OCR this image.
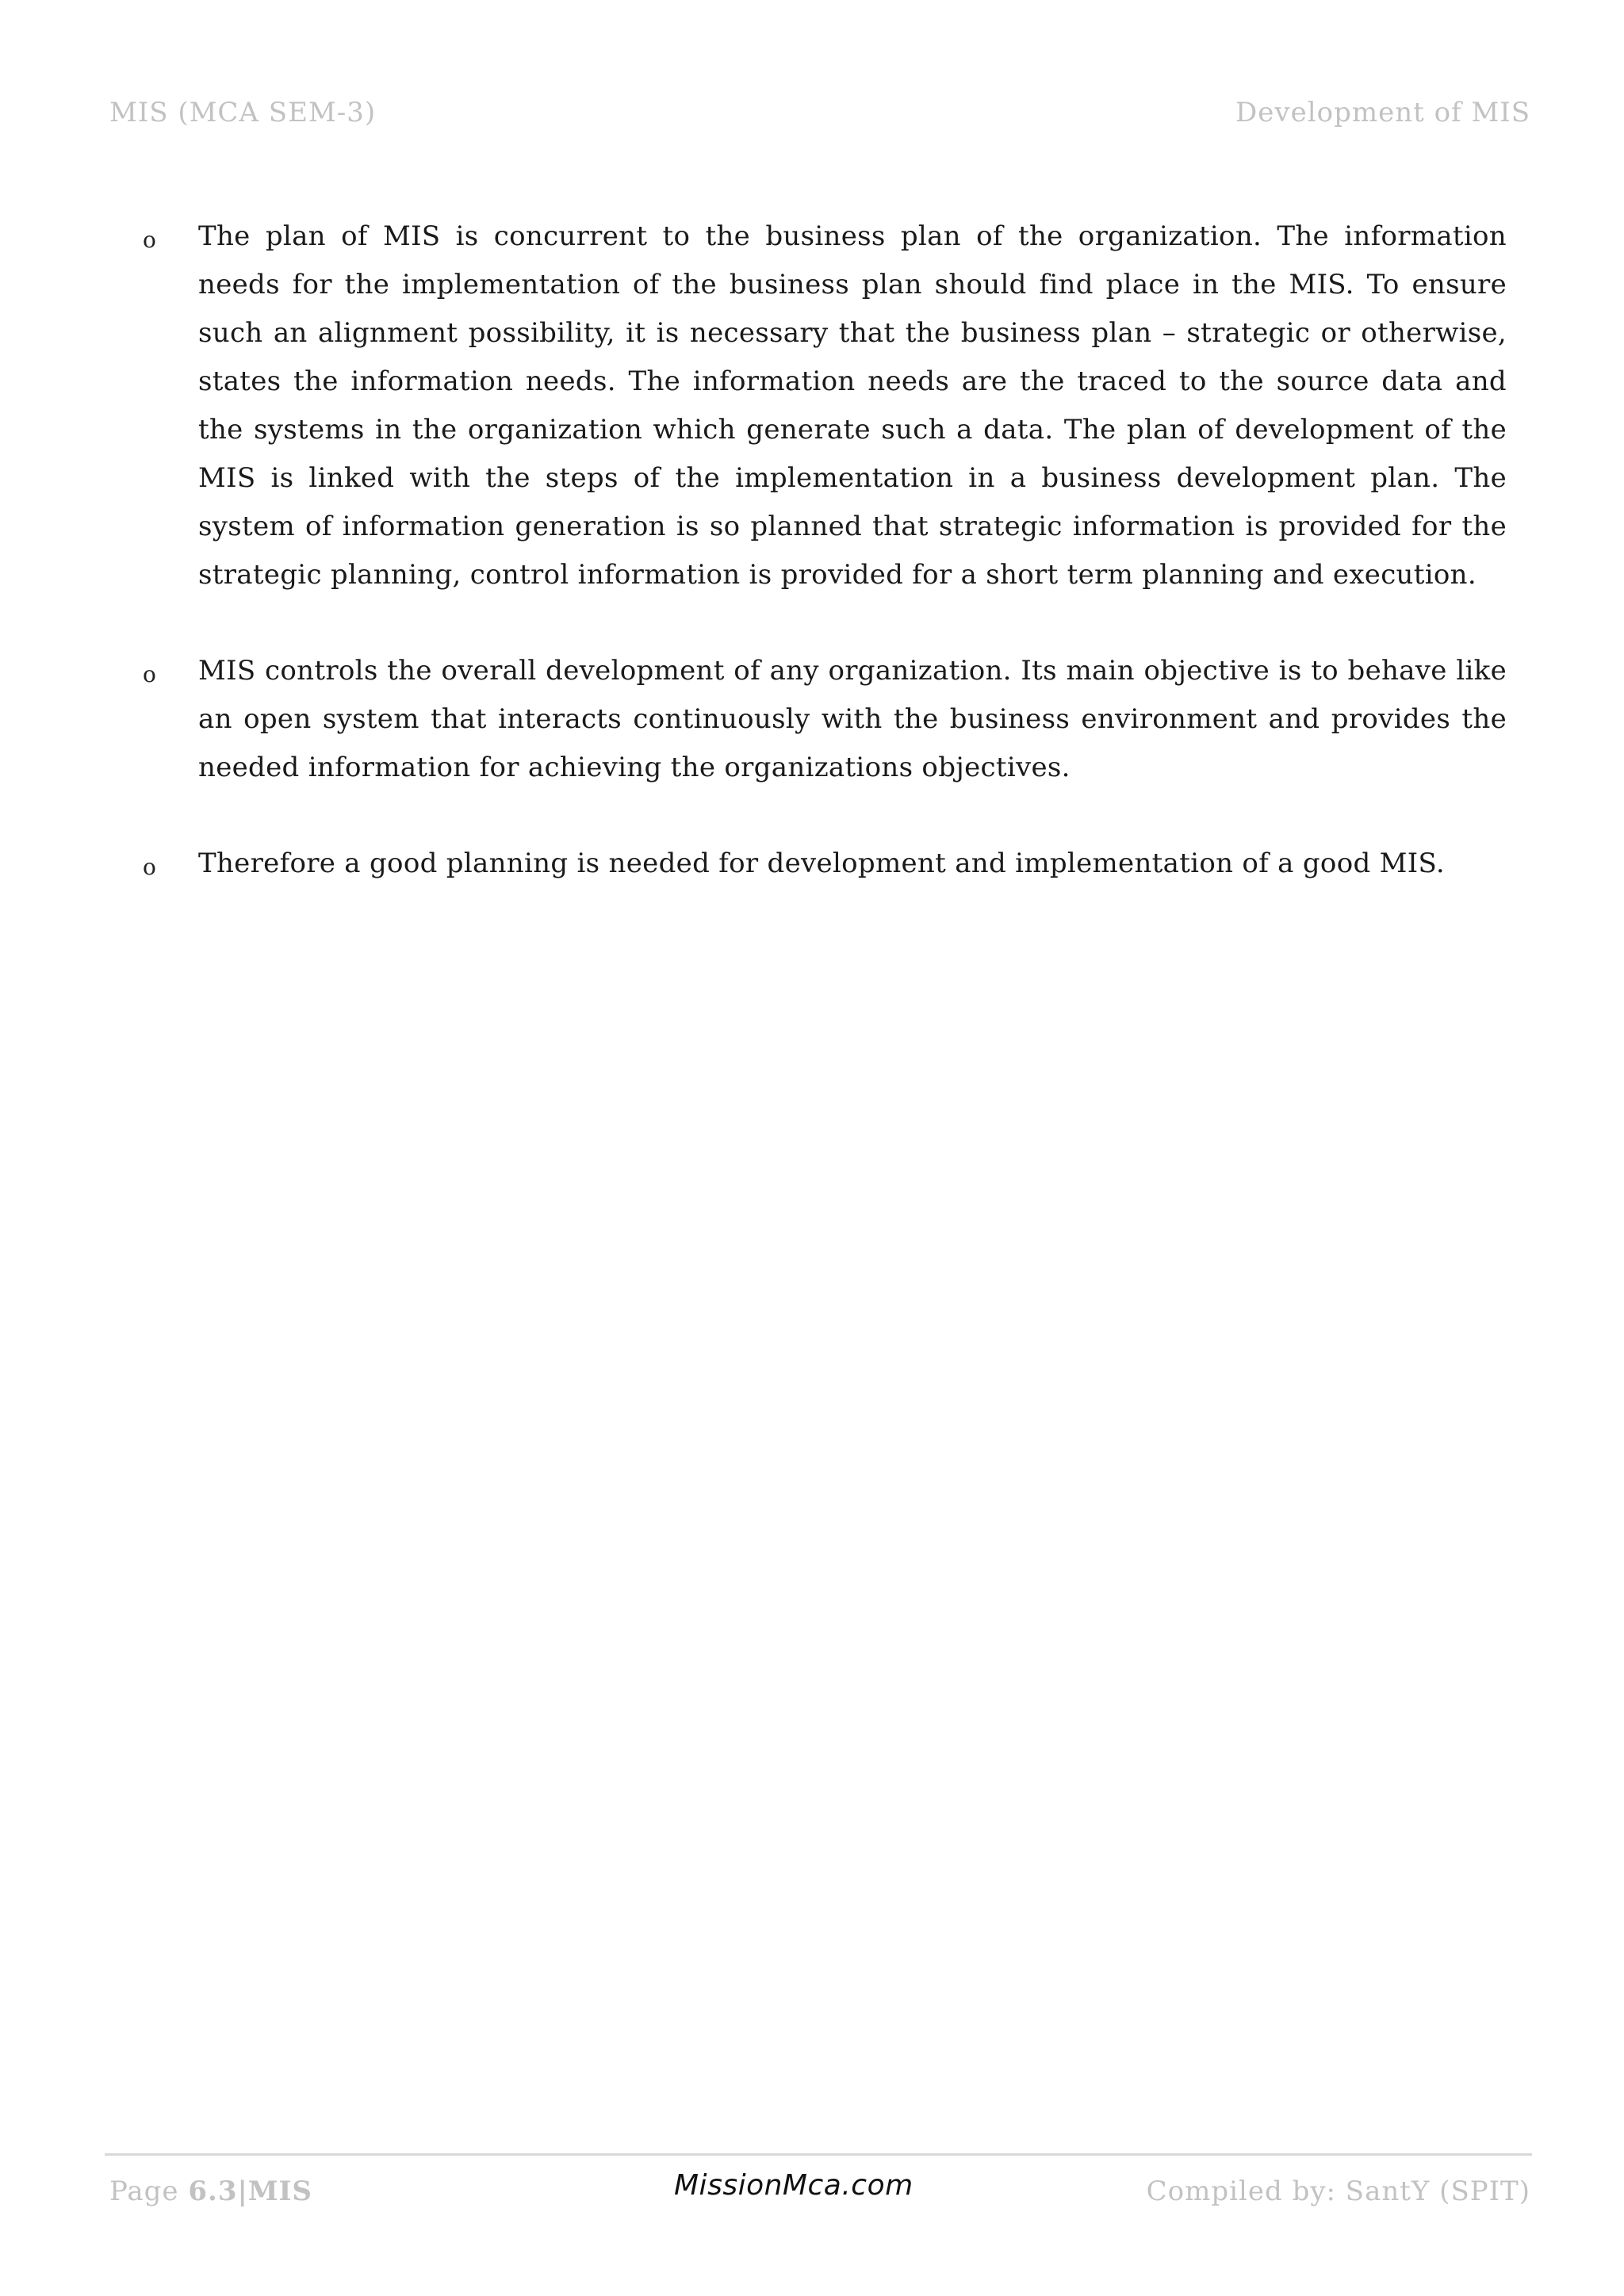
MIS (MCA SEM-3)	Development of MIS
o	The plan of MIS is concurrent to the business plan of the organization. The information needs for the implementation of the business plan should find place in the MIS. To ensure such an alignment possibility, it is necessary that the business plan – strategic or otherwise, states the information needs. The information needs are the traced to the source data and the systems in the organization which generate such a data. The plan of development of the MIS is linked with the steps of the implementation in a business development plan. The system of information generation is so planned that strategic information is provided for the strategic planning, control information is provided for a short term planning and execution.
o	MIS controls the overall development of any organization. Its main objective is to behave like an open system that interacts continuously with the business environment and provides the needed information for achieving the organizations objectives.
o	Therefore a good planning is needed for development and implementation of a good MIS.
Page 6.3|MIS	Compiled by: SantY (SPIT)
MissionMca.com
